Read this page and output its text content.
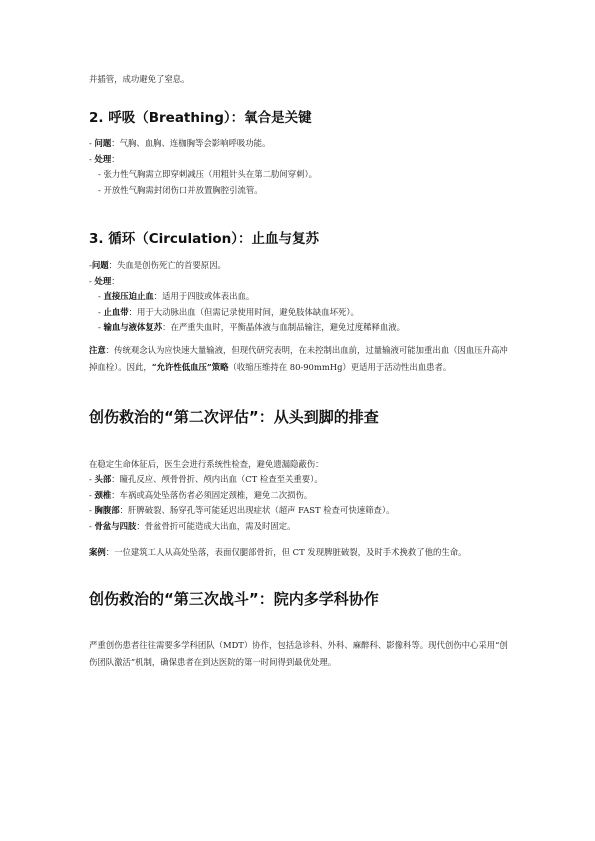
并插管，成功避免了窒息。

2. 呼吸（Breathing）：氧合是关键

- 问题：气胸、血胸、连枷胸等会影响呼吸功能。

- 处理：

- 张力性气胸需立即穿刺减压（用粗针头在第二肋间穿刺）。

- 开放性气胸需封闭伤口并放置胸腔引流管。

3. 循环（Circulation）：止血与复苏

-问题：失血是创伤死亡的首要原因。

- 处理：

- 直接压迫止血：适用于四肢或体表出血。

- 止血带：用于大动脉出血（但需记录使用时间，避免肢体缺血坏死）。

- 输血与液体复苏：在严重失血时，平衡晶体液与血制品输注，避免过度稀释血液。

注意：传统观念认为应快速大量输液，但现代研究表明，在未控制出血前，过量输液可能加重出血（因血压升高冲掉血栓）。因此，“允许性低血压”策略（收缩压维持在 80-90mmHg）更适用于活动性出血患者。

创伤救治的“第二次评估”：从头到脚的排查

在稳定生命体征后，医生会进行系统性检查，避免遗漏隐蔽伤：

- 头部：瞳孔反应、颅骨骨折、颅内出血（CT 检查至关重要）。

- 颈椎：车祸或高处坠落伤者必须固定颈椎，避免二次损伤。

- 胸腹部：肝脾破裂、肠穿孔等可能延迟出现症状（超声 FAST 检查可快速筛查）。

- 骨盆与四肢：骨盆骨折可能造成大出血，需及时固定。

案例：一位建筑工人从高处坠落，表面仅腿部骨折，但 CT 发现脾脏破裂，及时手术挽救了他的生命。

创伤救治的“第三次战斗”：院内多学科协作

严重创伤患者往往需要多学科团队（MDT）协作，包括急诊科、外科、麻醉科、影像科等。现代创伤中心采用“创伤团队激活”机制，确保患者在到达医院的第一时间得到最优处理。
